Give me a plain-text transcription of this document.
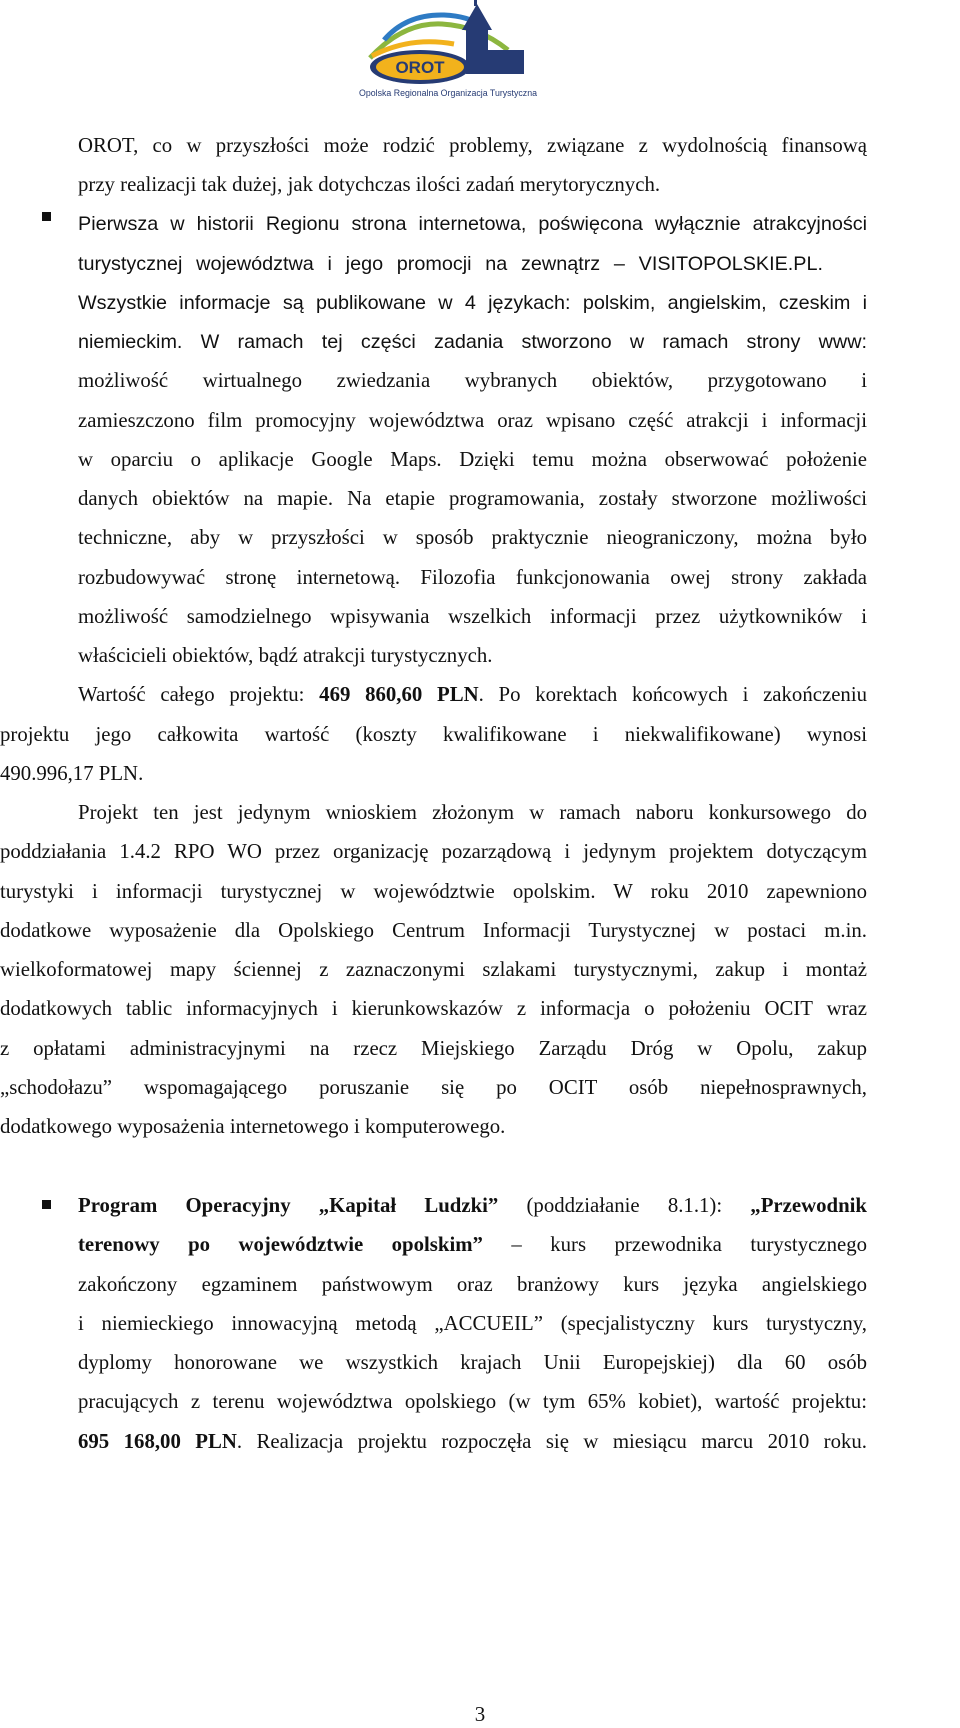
OROT
Opolska Regionalna Organizacja Turystyczna
OROT, co w przyszłości może rodzić problemy, związane z wydolnością finansową
przy realizacji tak dużej, jak dotychczas ilości zadań merytorycznych.
Pierwsza w historii Regionu strona internetowa, poświęcona wyłącznie atrakcyjności
turystycznej województwa i jego promocji na zewnątrz – VISITOPOLSKIE.PL.
Wszystkie informacje są publikowane w 4 językach: polskim, angielskim, czeskim i
niemieckim. W ramach tej części zadania stworzono w ramach strony www:
możliwość wirtualnego zwiedzania wybranych obiektów, przygotowano i
zamieszczono film promocyjny województwa oraz wpisano część atrakcji i informacji
w oparciu o aplikacje Google Maps. Dzięki temu można obserwować położenie
danych obiektów na mapie. Na etapie programowania, zostały stworzone możliwości
techniczne, aby w przyszłości w sposób praktycznie nieograniczony, można było
rozbudowywać stronę internetową. Filozofia funkcjonowania owej strony zakłada
możliwość samodzielnego wpisywania wszelkich informacji przez użytkowników i
właścicieli obiektów, bądź atrakcji turystycznych.
Wartość całego projektu: 469 860,60 PLN. Po korektach końcowych i zakończeniu
projektu jego całkowita wartość (koszty kwalifikowane i niekwalifikowane) wynosi
490.996,17 PLN.
Projekt ten jest jedynym wnioskiem złożonym w ramach naboru konkursowego do
poddziałania 1.4.2 RPO WO przez organizację pozarządową i jedynym projektem dotyczącym
turystyki i informacji turystycznej w województwie opolskim. W roku 2010 zapewniono
dodatkowe wyposażenie dla Opolskiego Centrum Informacji Turystycznej w postaci m.in.
wielkoformatowej mapy ściennej z zaznaczonymi szlakami turystycznymi, zakup i montaż
dodatkowych tablic informacyjnych i kierunkowskazów z informacja o położeniu OCIT wraz
z opłatami administracyjnymi na rzecz Miejskiego Zarządu Dróg w Opolu, zakup
„schodołazu” wspomagającego poruszanie się po OCIT osób niepełnosprawnych,
dodatkowego wyposażenia internetowego i komputerowego.
Program Operacyjny „Kapitał Ludzki” (poddziałanie 8.1.1): „Przewodnik
terenowy po województwie opolskim” – kurs przewodnika turystycznego
zakończony egzaminem państwowym oraz branżowy kurs języka angielskiego
i niemieckiego innowacyjną metodą „ACCUEIL” (specjalistyczny kurs turystyczny,
dyplomy honorowane we wszystkich krajach Unii Europejskiej) dla 60 osób
pracujących z terenu województwa opolskiego (w tym 65% kobiet), wartość projektu:
695 168,00 PLN. Realizacja projektu rozpoczęła się w miesiącu marcu 2010 roku.
3
